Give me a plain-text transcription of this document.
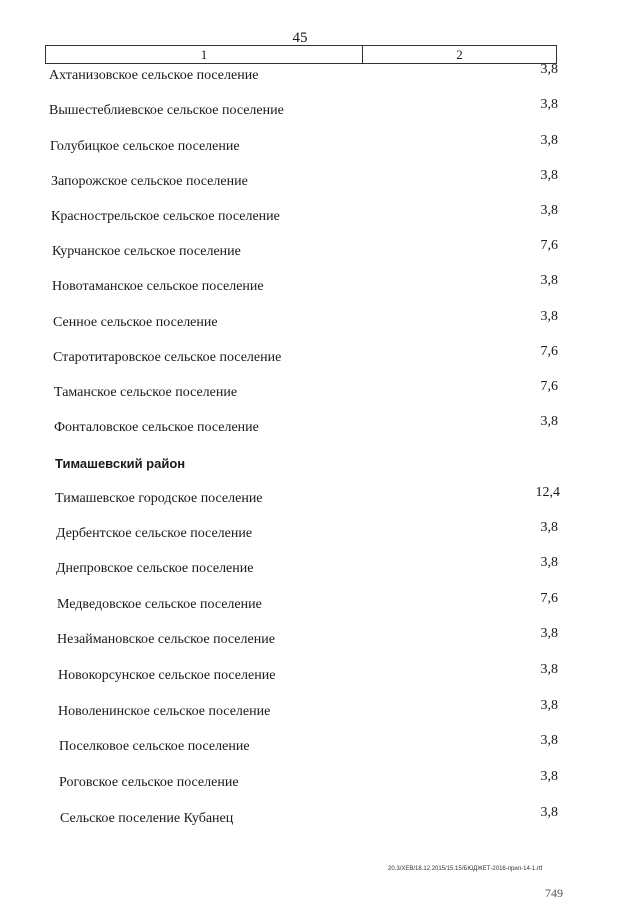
45
1	2
Ахтанизовское сельское поселение	3,8
Вышестеблиевское сельское поселение	3,8
Голубицкое сельское поселение	3,8
Запорожское сельское поселение	3,8
Краснострельское сельское поселение	3,8
Курчанское сельское поселение	7,6
Новотаманское сельское поселение	3,8
Сенное сельское поселение	3,8
Старотитаровское сельское поселение	7,6
Таманское сельское поселение	7,6
Фонталовское сельское поселение	3,8
Тимашевский район
Тимашевское городское поселение	12,4
Дербентское сельское поселение	3,8
Днепровское сельское поселение	3,8
Медведовское сельское поселение	7,6
Незаймановское сельское поселение	3,8
Новокорсунское сельское поселение	3,8
Новоленинское сельское поселение	3,8
Поселковое сельское поселение	3,8
Роговское сельское поселение	3,8
Сельское поселение Кубанец	3,8
20.3/ХЕВ/18.12.2015/15:15/БЮДЖЕТ-2016-прил-14-1.rtf
749
